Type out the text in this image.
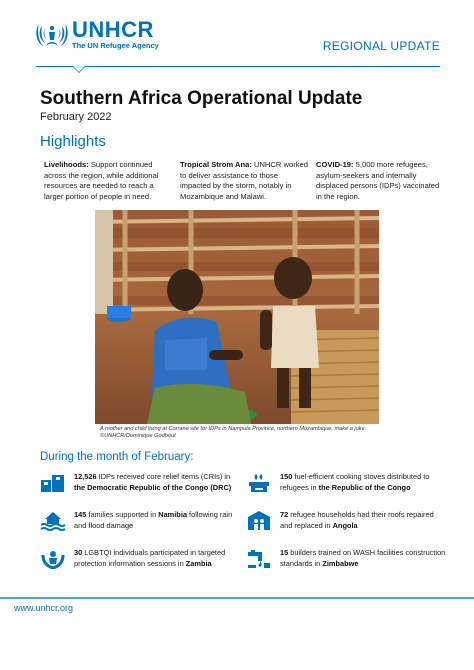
UNHCR
The UN Refugee Agency	REGIONAL UPDATE
Southern Africa Operational Update
February 2022
Highlights
Livelihoods: Support continued across the region, while additional resources are needed to reach a larger portion of people in need.
Tropical Strom Ana: UNHCR worked to deliver assistance to those impacted by the storm, notably in Mozambique and Malawi.
COVID-19: 5,000 more refugees, asylum-seekers and internally displaced persons (IDPs) vaccinated in the region.
A mother and child living at Corrane site for IDPs in Nampula Province, northern Mozambique, make a joke. ©UNHCR/Dominique Godbout
During the month of February:
12,526 IDPs received core relief items (CRIs) in the Democratic Republic of the Congo (DRC)
150 fuel-efficient cooking stoves distributed to refugees in the Republic of the Congo
145 families supported in Namibia following rain and flood damage
72 refugee households had their roofs repaired and replaced in Angola
30 LGBTQI individuals participated in targeted protection information sessions in Zambia
15 builders trained on WASH facilities construction standards in Zimbabwe
www.unhcr.org
